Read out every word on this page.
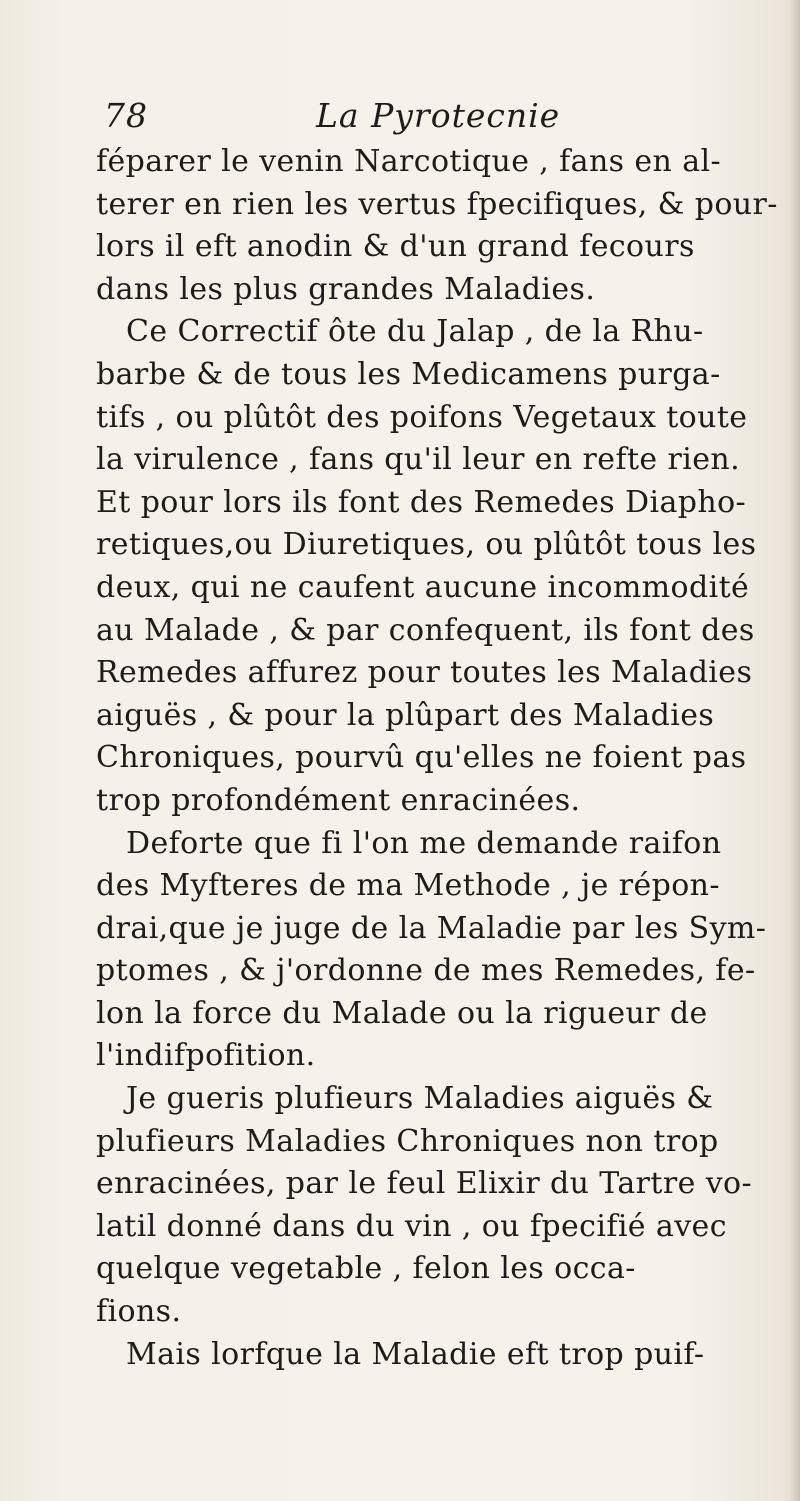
78	La Pyrotecnie
féparer le venin Narcotique , fans en al-
terer en rien les vertus fpecifiques, & pour-
lors il eft anodin & d'un grand fecours
dans les plus grandes Maladies.
Ce Correctif ôte du Jalap , de la Rhu-
barbe & de tous les Medicamens purga-
tifs , ou plûtôt des poifons Vegetaux toute
la virulence , fans qu'il leur en refte rien.
Et pour lors ils font des Remedes Diapho-
retiques,ou Diuretiques, ou plûtôt tous les
deux, qui ne caufent aucune incommodité
au Malade , & par confequent, ils font des
Remedes affurez pour toutes les Maladies
aiguës , & pour la plûpart des Maladies
Chroniques, pourvû qu'elles ne foient pas
trop profondément enracinées.
Deforte que fi l'on me demande raifon
des Myfteres de ma Methode , je répon-
drai,que je juge de la Maladie par les Sym-
ptomes , & j'ordonne de mes Remedes, fe-
lon la force du Malade ou la rigueur de
l'indifpofition.
Je gueris plufieurs Maladies aiguës &
plufieurs Maladies Chroniques non trop
enracinées, par le feul Elixir du Tartre vo-
latil donné dans du vin , ou fpecifié avec
quelque vegetable , felon les occa-
fions.
Mais lorfque la Maladie eft trop puif-
